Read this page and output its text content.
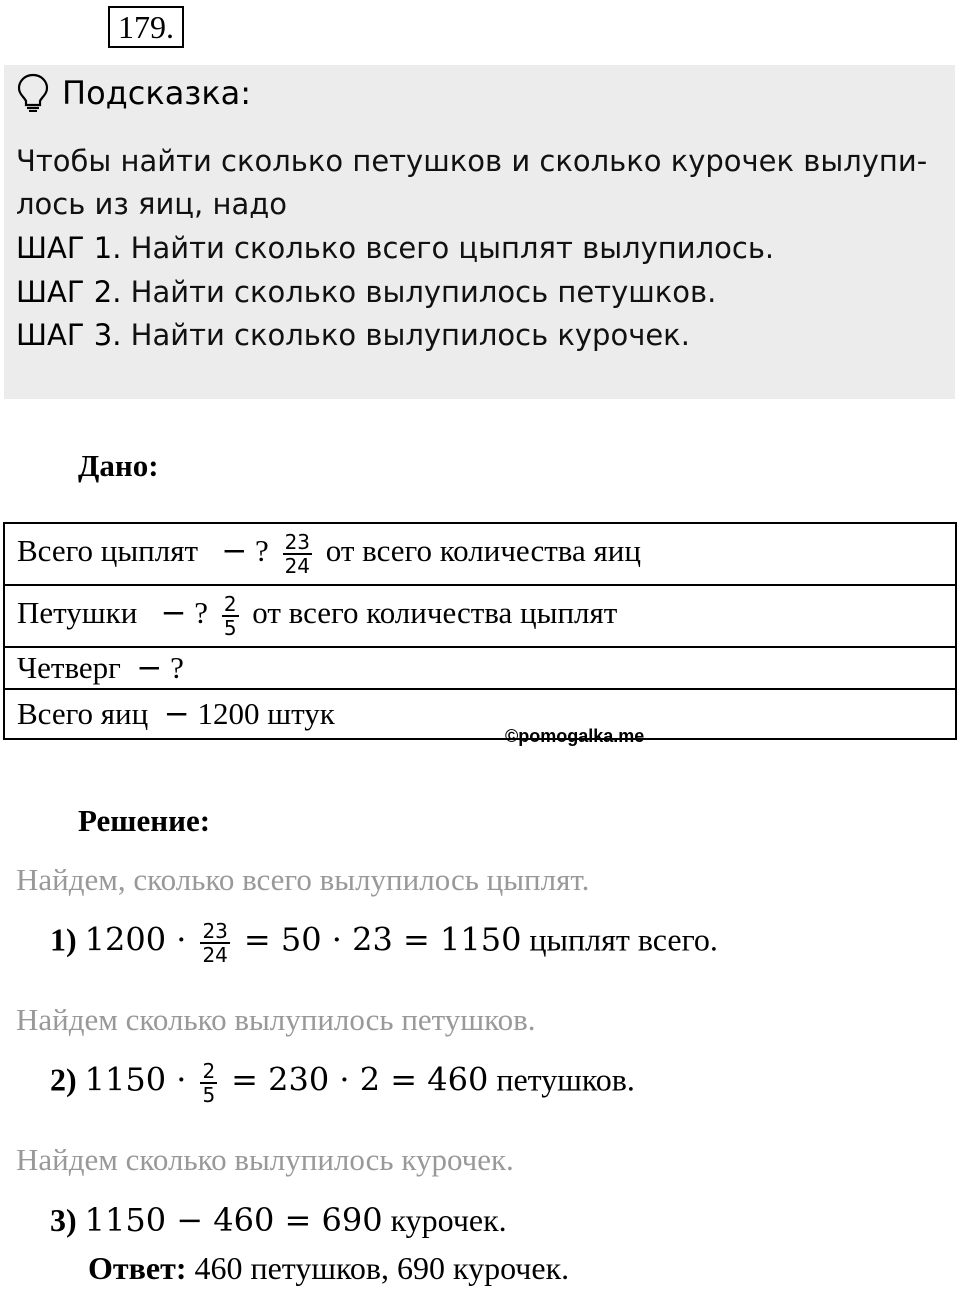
179.
Подсказка:
Чтобы найти сколько петушков и сколько курочек вылупи-
лось из яиц, надо
ШАГ 1. Найти сколько всего цыплят вылупилось.
ШАГ 2. Найти сколько вылупилось петушков.
ШАГ 3. Найти сколько вылупилось курочек.
Дано:
Всего цыплят − ? $\frac{23}{24}$ от всего количества яиц
Петушки − ? $\frac{2}{5}$ от всего количества цыплят
Четверг − ?
Всего яиц − 1200 штук
©pomogalka.me
Решение:
Найдем, сколько всего вылупилось цыплят.
1) $1200 \cdot \frac{23}{24} = 50 \cdot 23 = 1150$ цыплят всего.
Найдем сколько вылупилось петушков.
2) $1150 \cdot \frac{2}{5} = 230 \cdot 2 = 460$ петушков.
Найдем сколько вылупилось курочек.
3) 1150 − 460 = 690 курочек.
Ответ: 460 петушков, 690 курочек.
